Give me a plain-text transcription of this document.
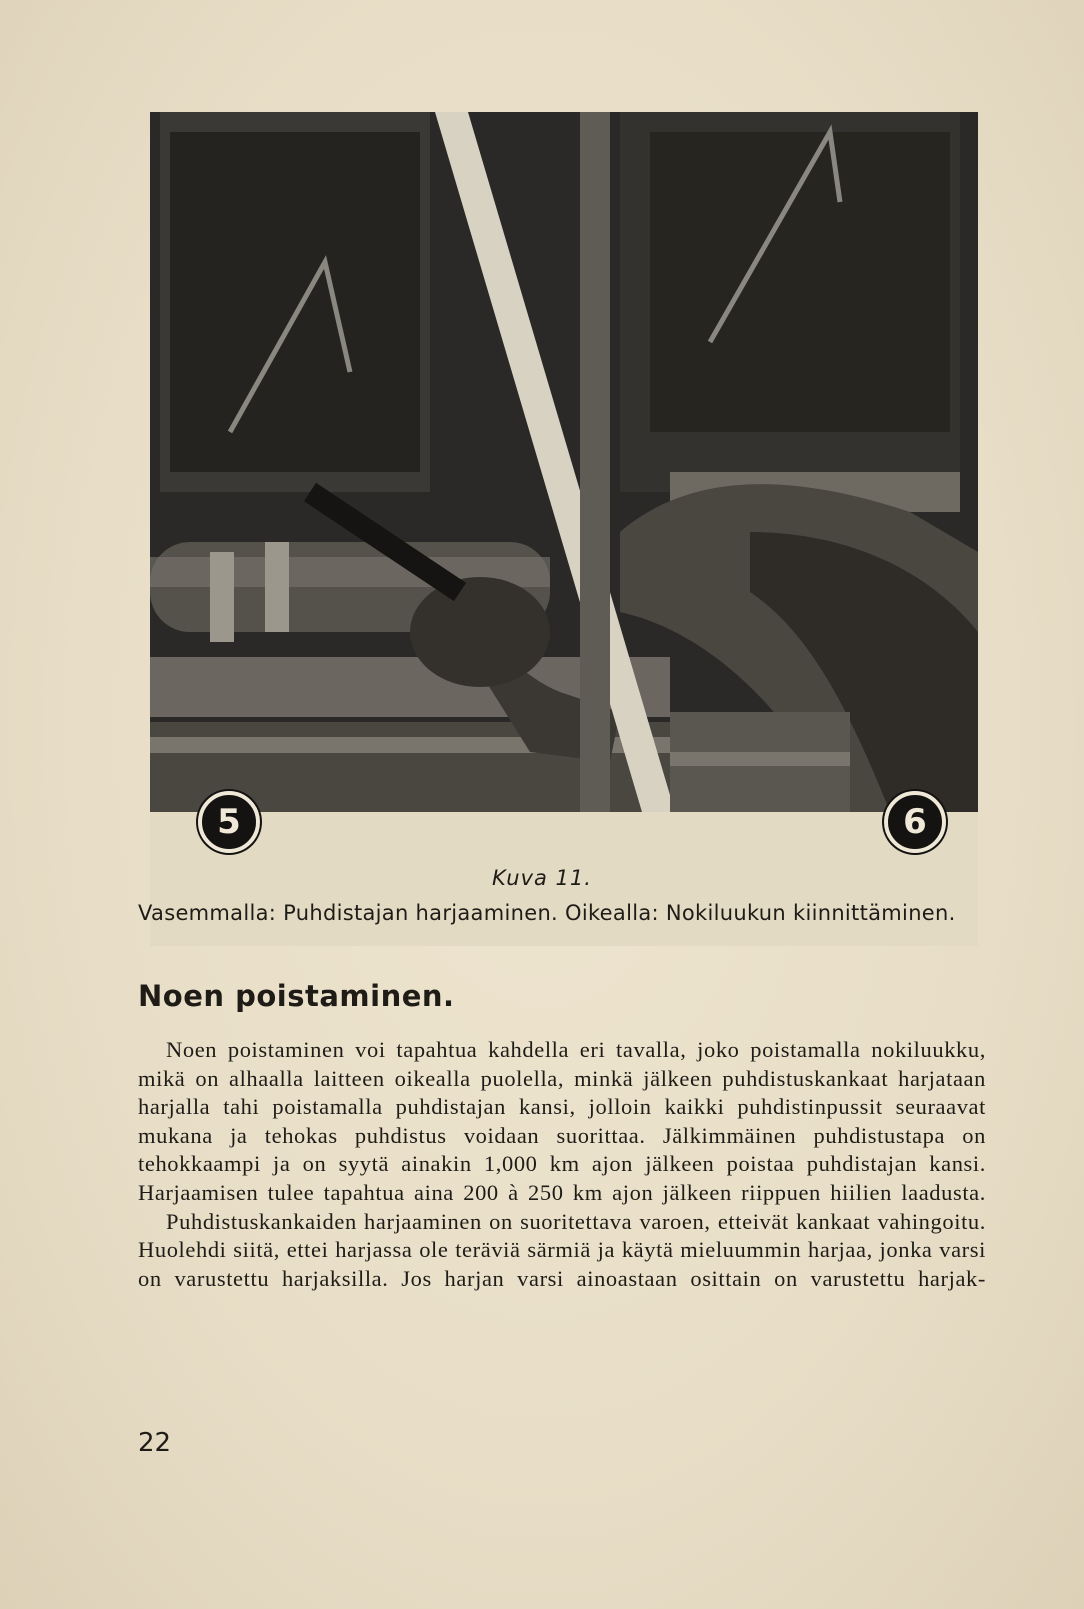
5	6
Kuva 11.
Vasemmalla: Puhdistajan harjaaminen. Oikealla: Nokiluukun kiinnittäminen.
Noen poistaminen.

Noen poistaminen voi tapahtua kahdella eri tavalla, joko poistamalla nokiluukku, mikä on alhaalla laitteen oikealla puolella, minkä jälkeen puhdistuskankaat harjataan harjalla tahi poistamalla puhdistajan kansi, jolloin kaikki puhdistinpussit seuraavat mukana ja tehokas puhdistus voidaan suorittaa. Jälkimmäinen puhdistustapa on tehokkaampi ja on syytä ainakin 1,000 km ajon jälkeen poistaa puhdistajan kansi. Harjaamisen tulee tapahtua aina 200 à 250 km ajon jälkeen riippuen hiilien laadusta.

Puhdistuskankaiden harjaaminen on suoritettava varoen, etteivät kankaat vahingoitu. Huolehdi siitä, ettei harjassa ole teräviä särmiä ja käytä mieluummin harjaa, jonka varsi on varustettu harjaksilla. Jos harjan varsi ainoastaan osittain on varustettu harjak-

22
